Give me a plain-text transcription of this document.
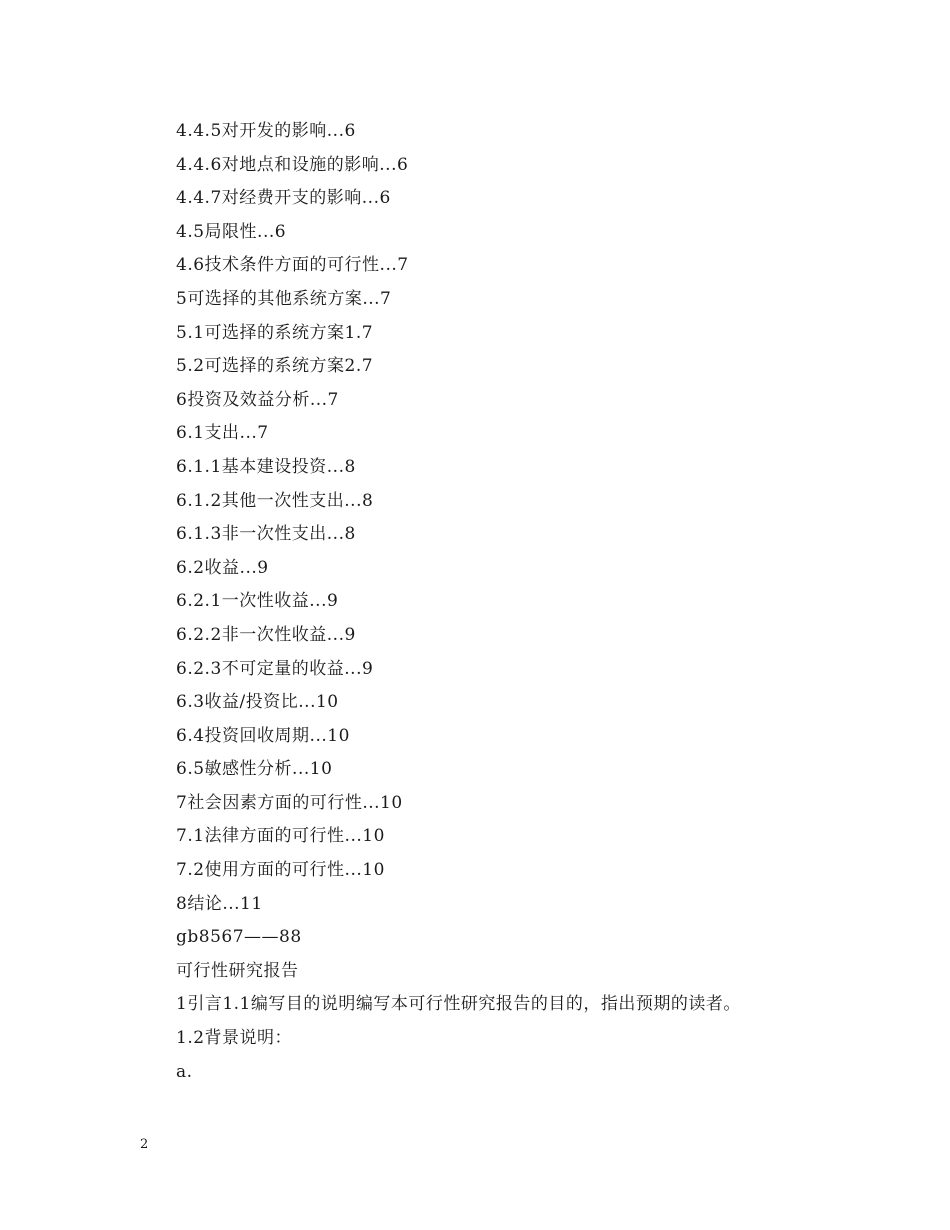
4.4.5对开发的影响...6
4.4.6对地点和设施的影响...6
4.4.7对经费开支的影响...6
4.5局限性...6
4.6技术条件方面的可行性...7
5可选择的其他系统方案...7
5.1可选择的系统方案1.7
5.2可选择的系统方案2.7
6投资及效益分析...7
6.1支出...7
6.1.1基本建设投资...8
6.1.2其他一次性支出...8
6.1.3非一次性支出...8
6.2收益...9
6.2.1一次性收益...9
6.2.2非一次性收益...9
6.2.3不可定量的收益...9
6.3收益/投资比...10
6.4投资回收周期...10
6.5敏感性分析...10
7社会因素方面的可行性...10
7.1法律方面的可行性...10
7.2使用方面的可行性...10
8结论...11
gb8567——88
可行性研究报告
1引言1.1编写目的说明编写本可行性研究报告的目的，指出预期的读者。
1.2背景说明：
a.
2
